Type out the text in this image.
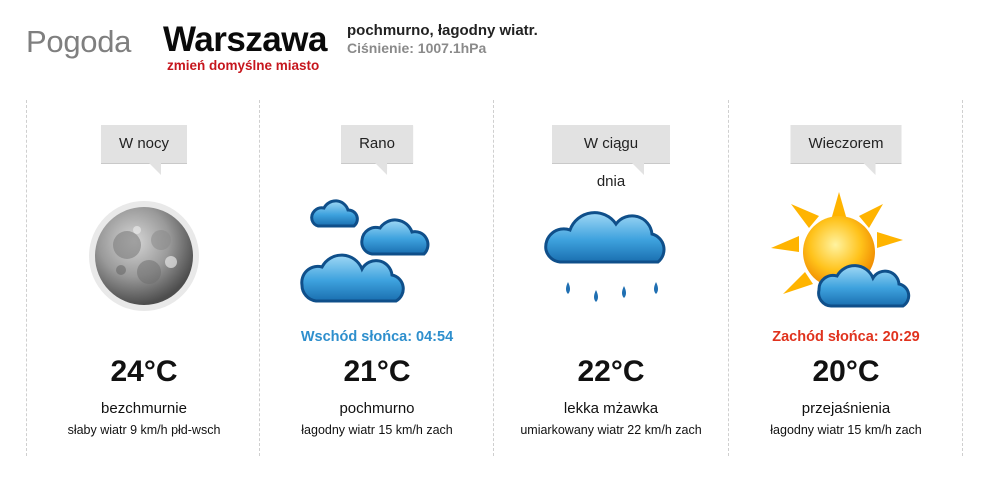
Pogoda Warszawa
zmień domyślne miasto
pochmurno, łagodny wiatr.
Ciśnienie: 1007.1hPa
W nocy
24°C
bezchmurnie
słaby wiatr 9 km/h płd-wsch
Rano
Wschód słońca: 04:54
21°C
pochmurno
łagodny wiatr 15 km/h zach
W ciągu dnia
22°C
lekka mżawka
umiarkowany wiatr 22 km/h zach
Wieczorem
Zachód słońca: 20:29
20°C
przejaśnienia
łagodny wiatr 15 km/h zach
